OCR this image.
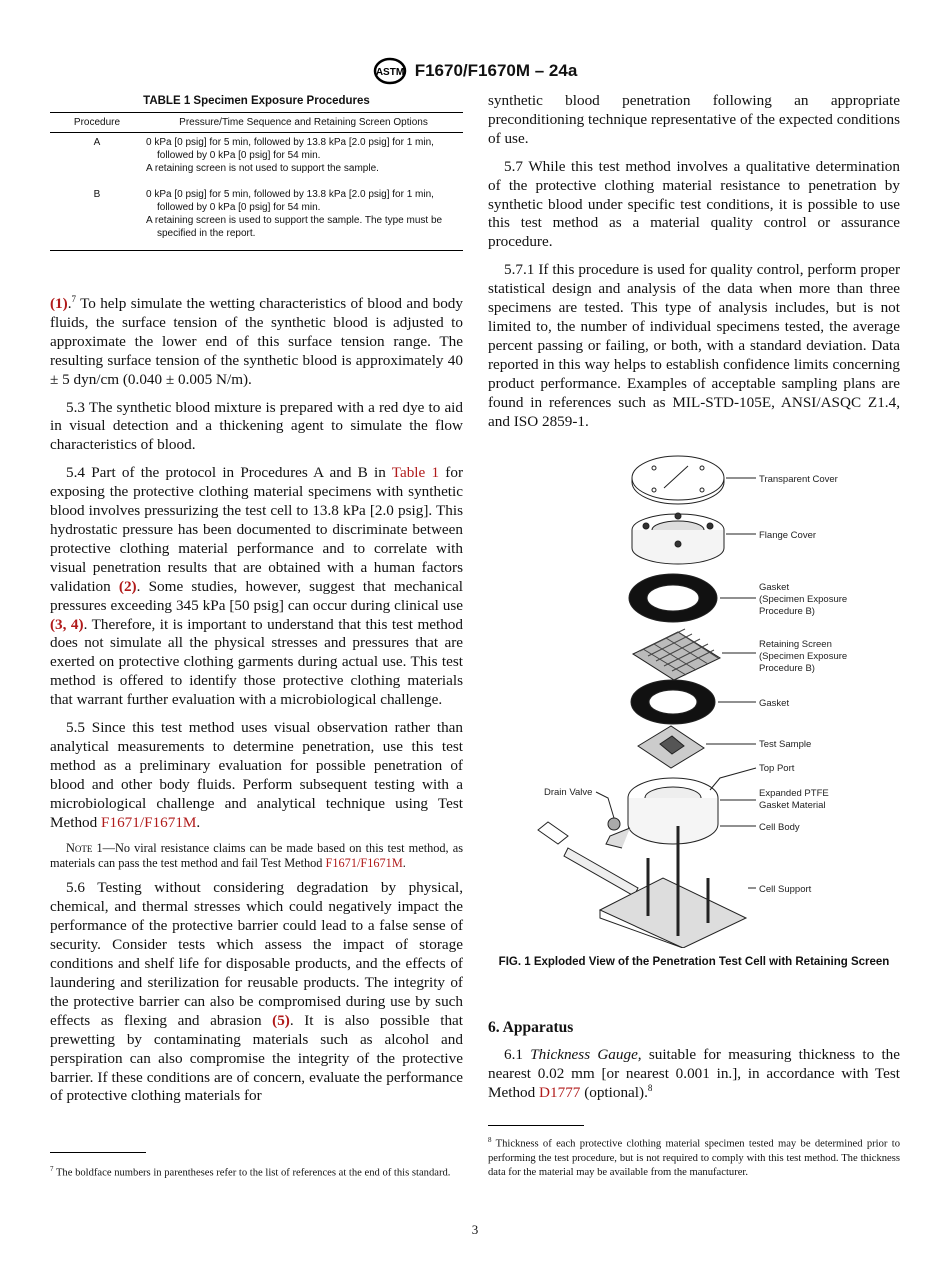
ASTM F1670/F1670M – 24a
TABLE 1 Specimen Exposure Procedures
Procedure	Pressure/Time Sequence and Retaining Screen Options
A	0 kPa [0 psig] for 5 min, followed by 13.8 kPa [2.0 psig] for 1 min, followed by 0 kPa [0 psig] for 54 min.
A retaining screen is not used to support the sample.

B	0 kPa [0 psig] for 5 min, followed by 13.8 kPa [2.0 psig] for 1 min, followed by 0 kPa [0 psig] for 54 min.
A retaining screen is used to support the sample. The type must be specified in the report.

(1).$^7$ To help simulate the wetting characteristics of blood and body fluids, the surface tension of the synthetic blood is adjusted to approximate the lower end of this surface tension range. The resulting surface tension of the synthetic blood is approximately 40 ± 5 dyn/cm (0.040 ± 0.005 N/m).

5.3 The synthetic blood mixture is prepared with a red dye to aid in visual detection and a thickening agent to simulate the flow characteristics of blood.

5.4 Part of the protocol in Procedures A and B in Table 1 for exposing the protective clothing material specimens with synthetic blood involves pressurizing the test cell to 13.8 kPa [2.0 psig]. This hydrostatic pressure has been documented to discriminate between protective clothing material performance and to correlate with visual penetration results that are obtained with a human factors validation (2). Some studies, however, suggest that mechanical pressures exceeding 345 kPa [50 psig] can occur during clinical use (3, 4). Therefore, it is important to understand that this test method does not simulate all the physical stresses and pressures that are exerted on protective clothing garments during actual use. This test method is offered to identify those protective clothing materials that warrant further evaluation with a microbiological challenge.

5.5 Since this test method uses visual observation rather than analytical measurements to determine penetration, use this test method as a preliminary evaluation for possible penetration of blood and other body fluids. Perform subsequent testing with a microbiological challenge and analytical technique using Test Method F1671/F1671M.

Note 1—No viral resistance claims can be made based on this test method, as materials can pass the test method and fail Test Method F1671/F1671M.

5.6 Testing without considering degradation by physical, chemical, and thermal stresses which could negatively impact the performance of the protective barrier could lead to a false sense of security. Consider tests which assess the impact of storage conditions and shelf life for disposable products, and the effects of laundering and sterilization for reusable products. The integrity of the protective barrier can also be compromised during use by such effects as flexing and abrasion (5). It is also possible that prewetting by contaminating materials such as alcohol and perspiration can also compromise the integrity of the protective barrier. If these conditions are of concern, evaluate the performance of protective clothing materials for

$^7$ The boldface numbers in parentheses refer to the list of references at the end of this standard.

synthetic blood penetration following an appropriate preconditioning technique representative of the expected conditions of use.

5.7 While this test method involves a qualitative determination of the protective clothing material resistance to penetration by synthetic blood under specific test conditions, it is possible to use this test method as a material quality control or assurance procedure.

5.7.1 If this procedure is used for quality control, perform proper statistical design and analysis of the data when more than three specimens are tested. This type of analysis includes, but is not limited to, the number of individual specimens tested, the average percent passing or failing, or both, with a standard deviation. Data reported in this way helps to establish confidence limits concerning product performance. Examples of acceptable sampling plans are found in references such as MIL-STD-105E, ANSI/ASQC Z1.4, and ISO 2859-1.

Transparent Cover
Flange Cover
Gasket
(Specimen Exposure
Procedure B)
Retaining Screen
(Specimen Exposure
Procedure B)
Gasket
Test Sample
Top Port
Drain Valve	Expanded PTFE
Gasket Material
Cell Body
Cell Support
FIG. 1 Exploded View of the Penetration Test Cell with Retaining Screen
6. Apparatus

6.1 Thickness Gauge, suitable for measuring thickness to the nearest 0.02 mm [or nearest 0.001 in.], in accordance with Test Method D1777 (optional).$^8$

$^8$ Thickness of each protective clothing material specimen tested may be determined prior to performing the test procedure, but is not required to comply with this test method. The thickness data for the material may be available from the manufacturer.
3
